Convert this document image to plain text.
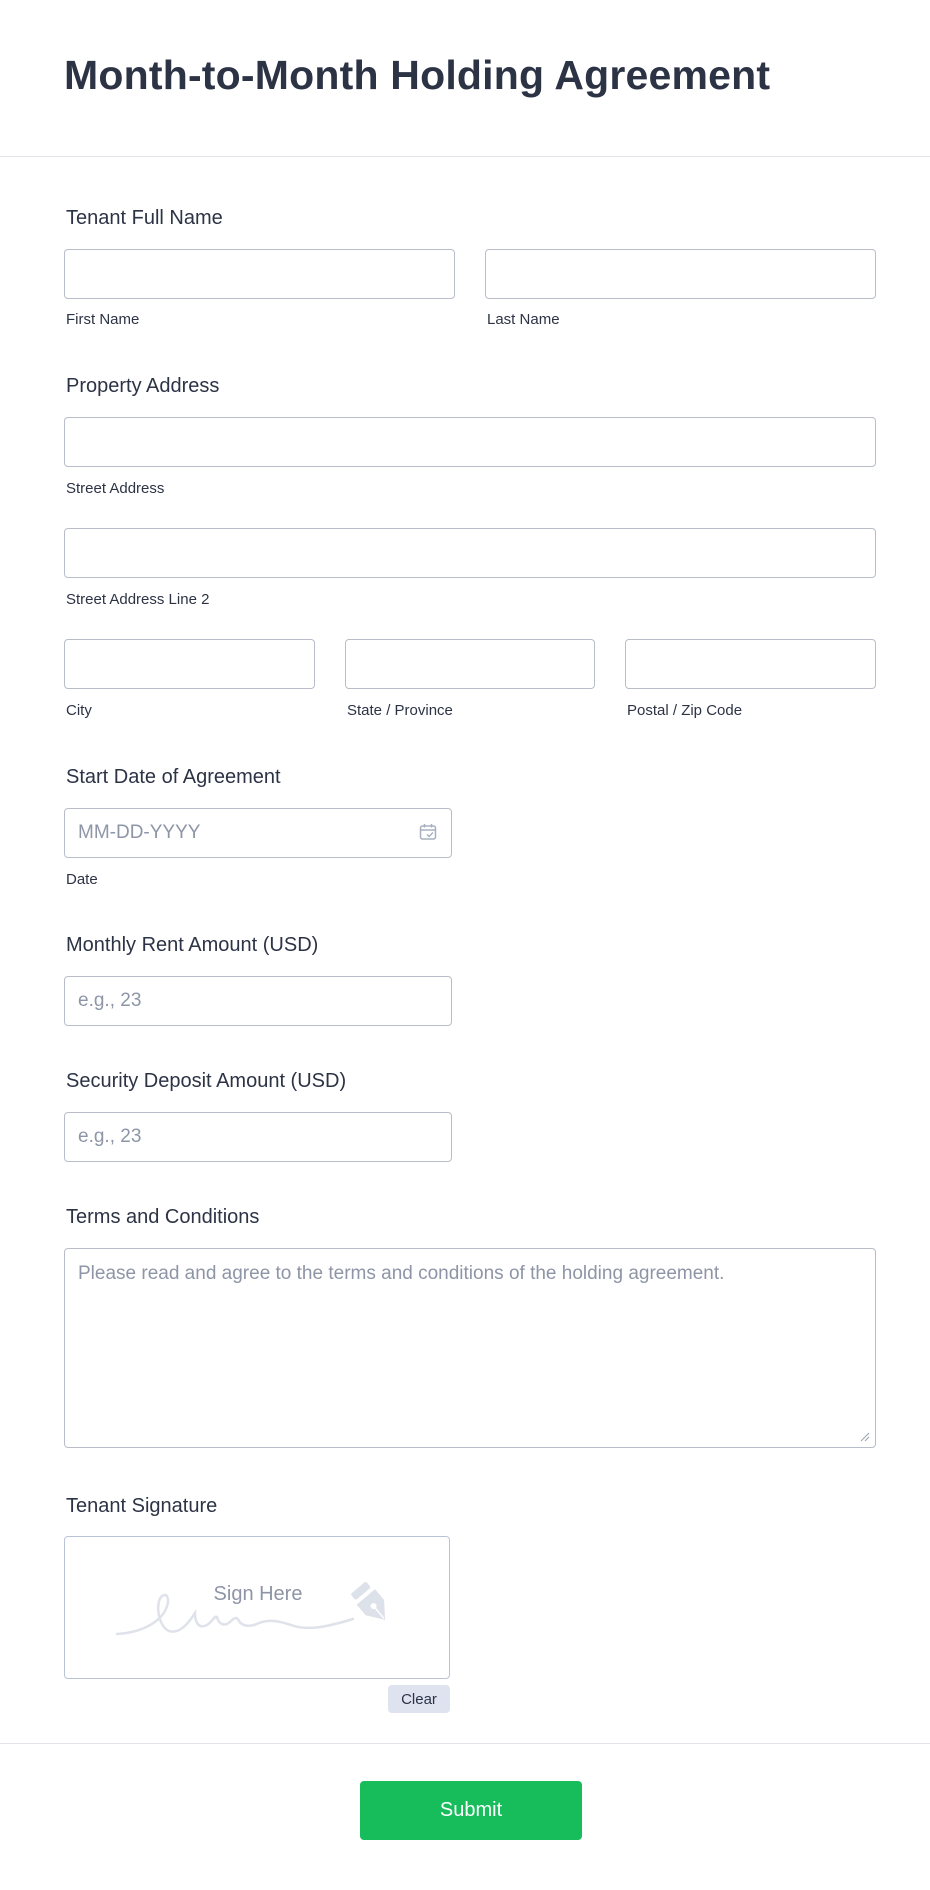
Month-to-Month Holding Agreement
Tenant Full Name
First Name	Last Name
Property Address
Street Address
Street Address Line 2
City	State / Province	Postal / Zip Code
Start Date of Agreement
MM-DD-YYYY
Date
Monthly Rent Amount (USD)
e.g., 23
Security Deposit Amount (USD)
e.g., 23
Terms and Conditions
Please read and agree to the terms and conditions of the holding agreement.
Tenant Signature
Sign Here
Clear
Submit
